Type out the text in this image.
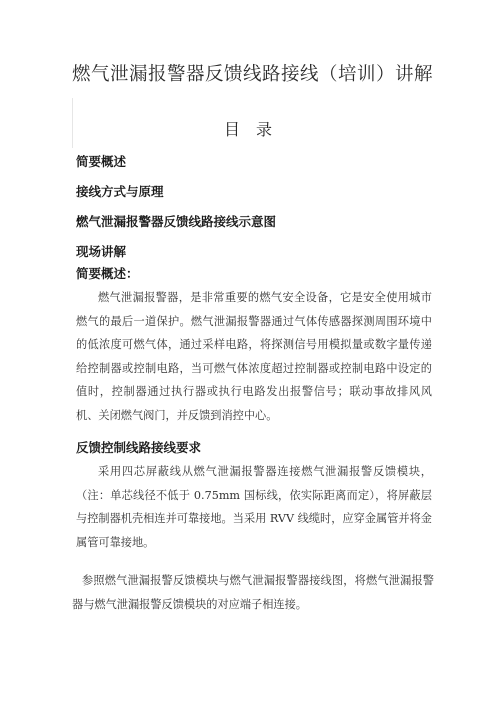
燃气泄漏报警器反馈线路接线（培训）讲解
目　录
简要概述
接线方式与原理
燃气泄漏报警器反馈线路接线示意图
现场讲解
简要概述：
燃气泄漏报警器，是非常重要的燃气安全设备，它是安全使用城市燃气的最后一道保护。燃气泄漏报警器通过气体传感器探测周围环境中的低浓度可燃气体，通过采样电路，将探测信号用模拟量或数字量传递给控制器或控制电路，当可燃气体浓度超过控制器或控制电路中设定的值时，控制器通过执行器或执行电路发出报警信号；联动事故排风风机、关闭燃气阀门，并反馈到消控中心。
反馈控制线路接线要求
采用四芯屏蔽线从燃气泄漏报警器连接燃气泄漏报警反馈模块，（注：单芯线径不低于 0.75mm 国标线，依实际距离而定），将屏蔽层与控制器机壳相连并可靠接地。当采用 RVV 线缆时，应穿金属管并将金属管可靠接地。
参照燃气泄漏报警反馈模块与燃气泄漏报警器接线图，将燃气泄漏报警器与燃气泄漏报警反馈模块的对应端子相连接。
